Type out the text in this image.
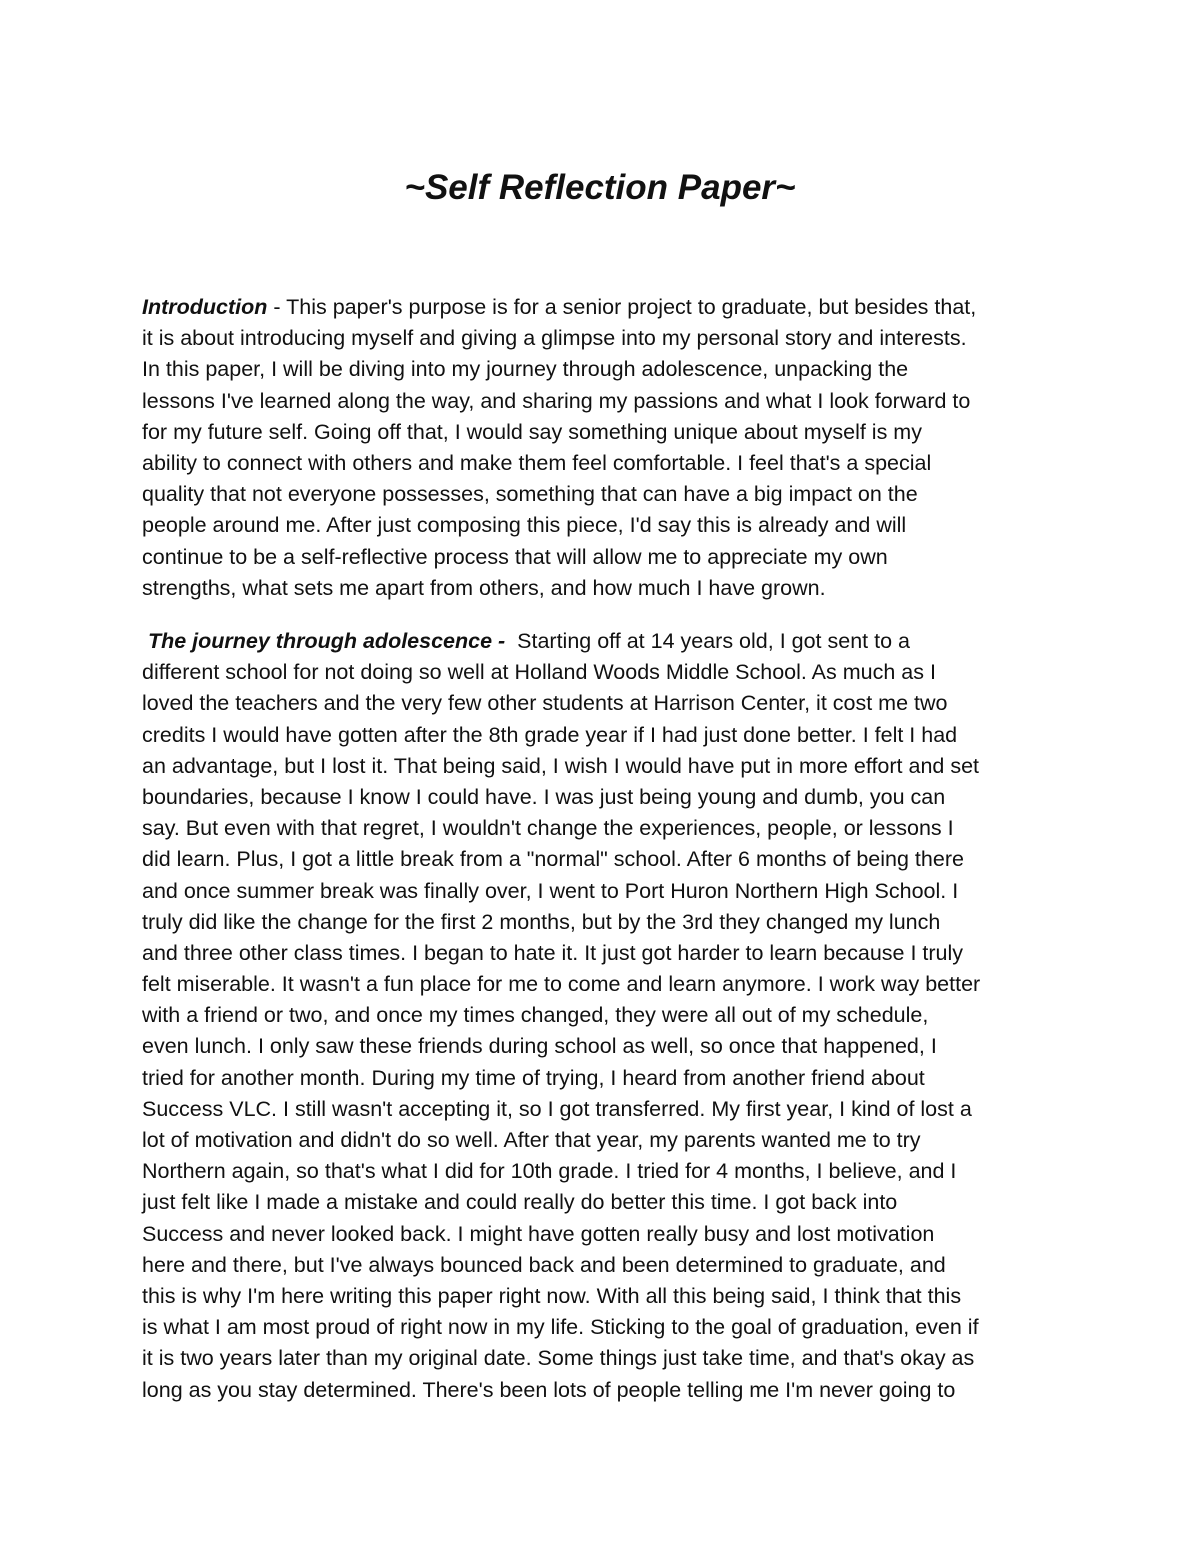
~Self Reflection Paper~
Introduction - This paper's purpose is for a senior project to graduate, but besides that,
it is about introducing myself and giving a glimpse into my personal story and interests.
In this paper, I will be diving into my journey through adolescence, unpacking the
lessons I've learned along the way, and sharing my passions and what I look forward to
for my future self. Going off that, I would say something unique about myself is my
ability to connect with others and make them feel comfortable. I feel that's a special
quality that not everyone possesses, something that can have a big impact on the
people around me. After just composing this piece, I'd say this is already and will
continue to be a self-reflective process that will allow me to appreciate my own
strengths, what sets me apart from others, and how much I have grown.
The journey through adolescence -  Starting off at 14 years old, I got sent to a
different school for not doing so well at Holland Woods Middle School. As much as I
loved the teachers and the very few other students at Harrison Center, it cost me two
credits I would have gotten after the 8th grade year if I had just done better. I felt I had
an advantage, but I lost it. That being said, I wish I would have put in more effort and set
boundaries, because I know I could have. I was just being young and dumb, you can
say. But even with that regret, I wouldn't change the experiences, people, or lessons I
did learn. Plus, I got a little break from a "normal" school. After 6 months of being there
and once summer break was finally over, I went to Port Huron Northern High School. I
truly did like the change for the first 2 months, but by the 3rd they changed my lunch
and three other class times. I began to hate it. It just got harder to learn because I truly
felt miserable. It wasn't a fun place for me to come and learn anymore. I work way better
with a friend or two, and once my times changed, they were all out of my schedule,
even lunch. I only saw these friends during school as well, so once that happened, I
tried for another month. During my time of trying, I heard from another friend about
Success VLC. I still wasn't accepting it, so I got transferred. My first year, I kind of lost a
lot of motivation and didn't do so well. After that year, my parents wanted me to try
Northern again, so that's what I did for 10th grade. I tried for 4 months, I believe, and I
just felt like I made a mistake and could really do better this time. I got back into
Success and never looked back. I might have gotten really busy and lost motivation
here and there, but I've always bounced back and been determined to graduate, and
this is why I'm here writing this paper right now. With all this being said, I think that this
is what I am most proud of right now in my life. Sticking to the goal of graduation, even if
it is two years later than my original date. Some things just take time, and that's okay as
long as you stay determined. There's been lots of people telling me I'm never going to
